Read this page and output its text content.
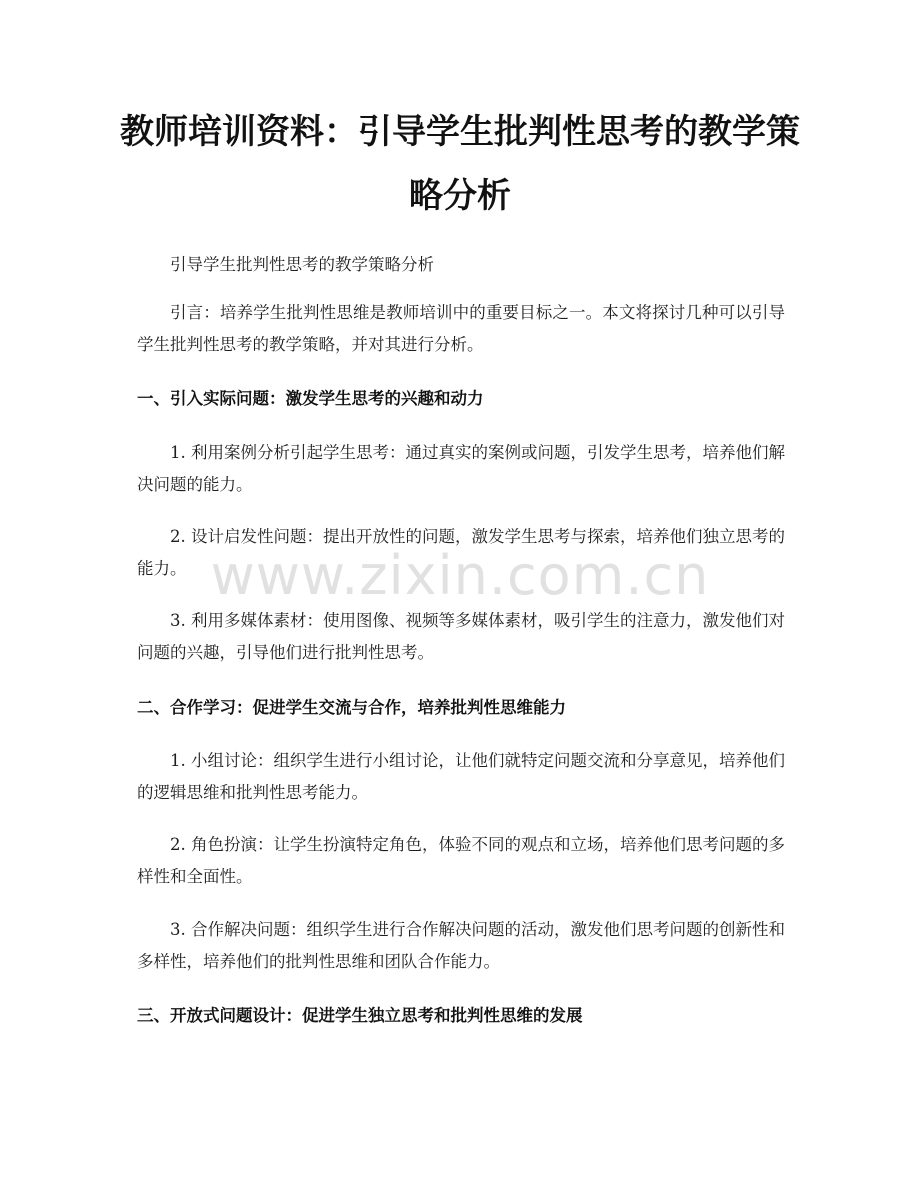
教师培训资料：引导学生批判性思考的教学策略分析

引导学生批判性思考的教学策略分析

引言：培养学生批判性思维是教师培训中的重要目标之一。本文将探讨几种可以引导学生批判性思考的教学策略，并对其进行分析。

一、引入实际问题：激发学生思考的兴趣和动力

1. 利用案例分析引起学生思考：通过真实的案例或问题，引发学生思考，培养他们解决问题的能力。

2. 设计启发性问题：提出开放性的问题，激发学生思考与探索，培养他们独立思考的能力。

3. 利用多媒体素材：使用图像、视频等多媒体素材，吸引学生的注意力，激发他们对问题的兴趣，引导他们进行批判性思考。

二、合作学习：促进学生交流与合作，培养批判性思维能力

1. 小组讨论：组织学生进行小组讨论，让他们就特定问题交流和分享意见，培养他们的逻辑思维和批判性思考能力。

2. 角色扮演：让学生扮演特定角色，体验不同的观点和立场，培养他们思考问题的多样性和全面性。

3. 合作解决问题：组织学生进行合作解决问题的活动，激发他们思考问题的创新性和多样性，培养他们的批判性思维和团队合作能力。

三、开放式问题设计：促进学生独立思考和批判性思维的发展
www.zixin.com.cn
